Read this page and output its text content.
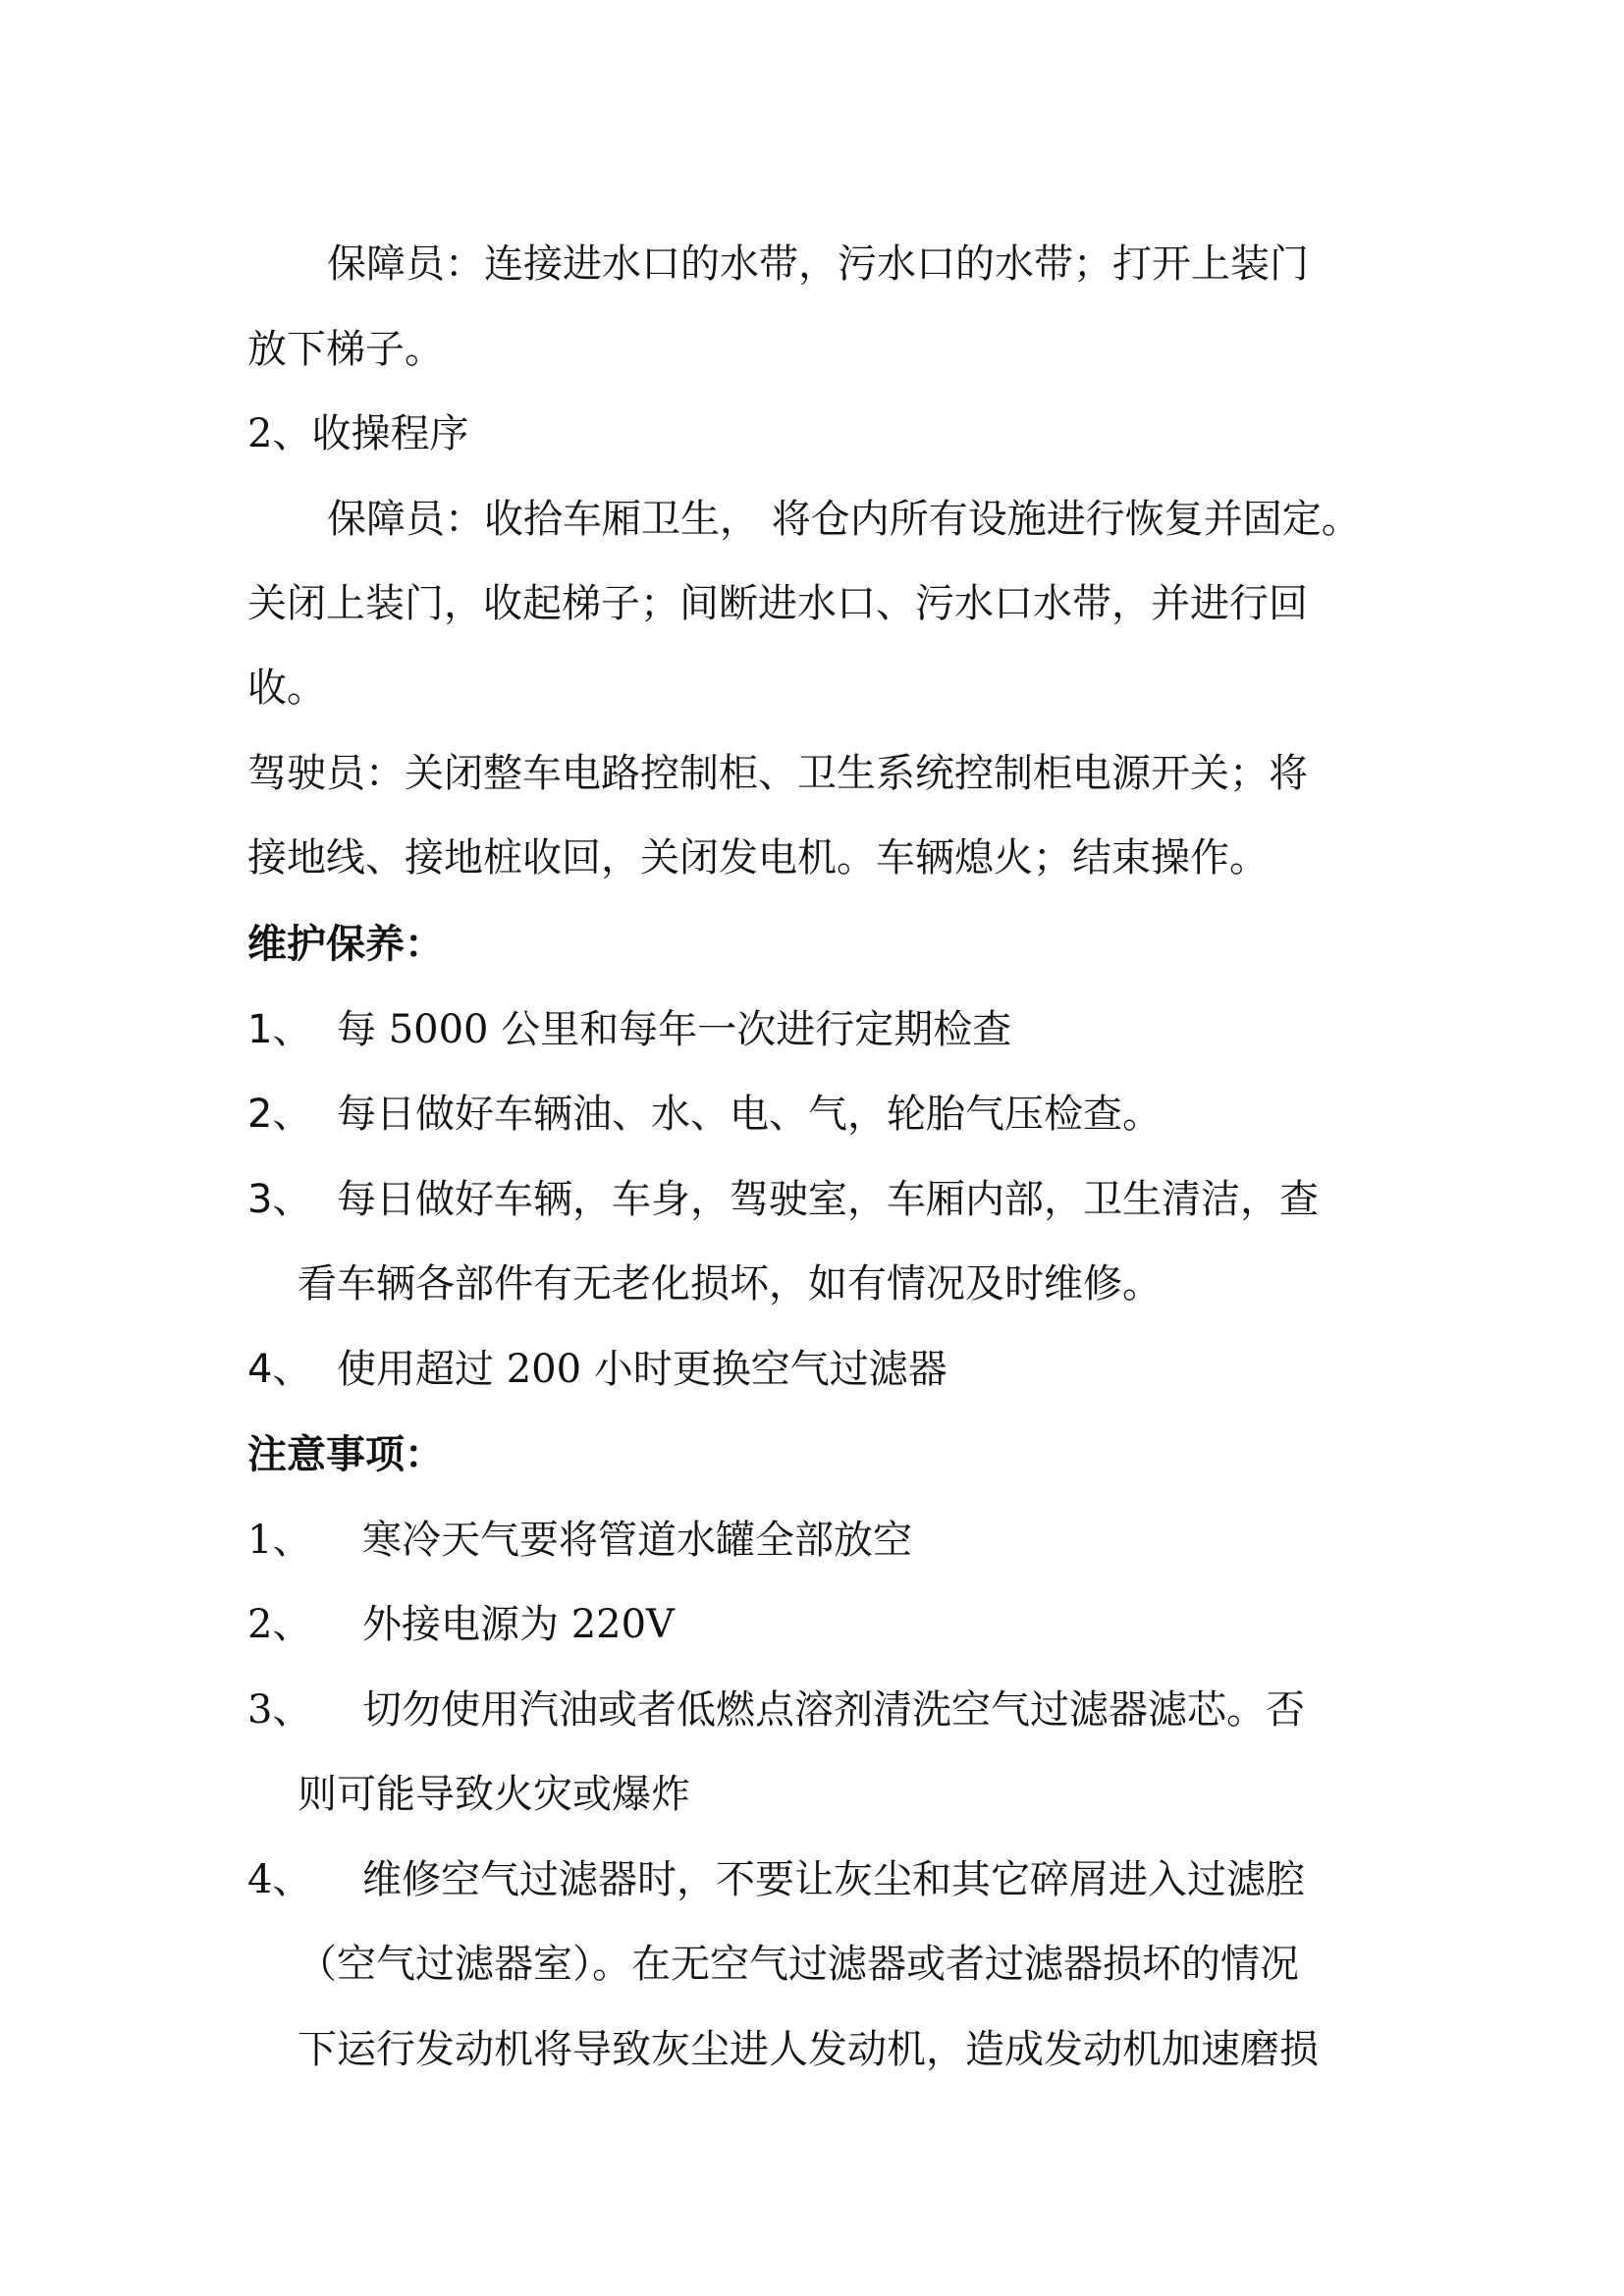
保障员：连接进水口的水带，污水口的水带；打开上装门

放下梯子。

2、收操程序

保障员：收拾车厢卫生， 将仓内所有设施进行恢复并固定。

关闭上装门，收起梯子；间断进水口、污水口水带，并进行回

收。

驾驶员：关闭整车电路控制柜、卫生系统控制柜电源开关；将

接地线、接地桩收回，关闭发电机。车辆熄火；结束操作。

维护保养：

1、 每 5000 公里和每年一次进行定期检查

2、 每日做好车辆油、水、电、气，轮胎气压检查。

3、 每日做好车辆，车身，驾驶室，车厢内部，卫生清洁，查

看车辆各部件有无老化损坏，如有情况及时维修。

4、 使用超过 200 小时更换空气过滤器

注意事项：

1、 寒冷天气要将管道水罐全部放空

2、 外接电源为 220V

3、 切勿使用汽油或者低燃点溶剂清洗空气过滤器滤芯。否

则可能导致火灾或爆炸

4、 维修空气过滤器时，不要让灰尘和其它碎屑进入过滤腔

（空气过滤器室）。在无空气过滤器或者过滤器损坏的情况

下运行发动机将导致灰尘进人发动机，造成发动机加速磨损
